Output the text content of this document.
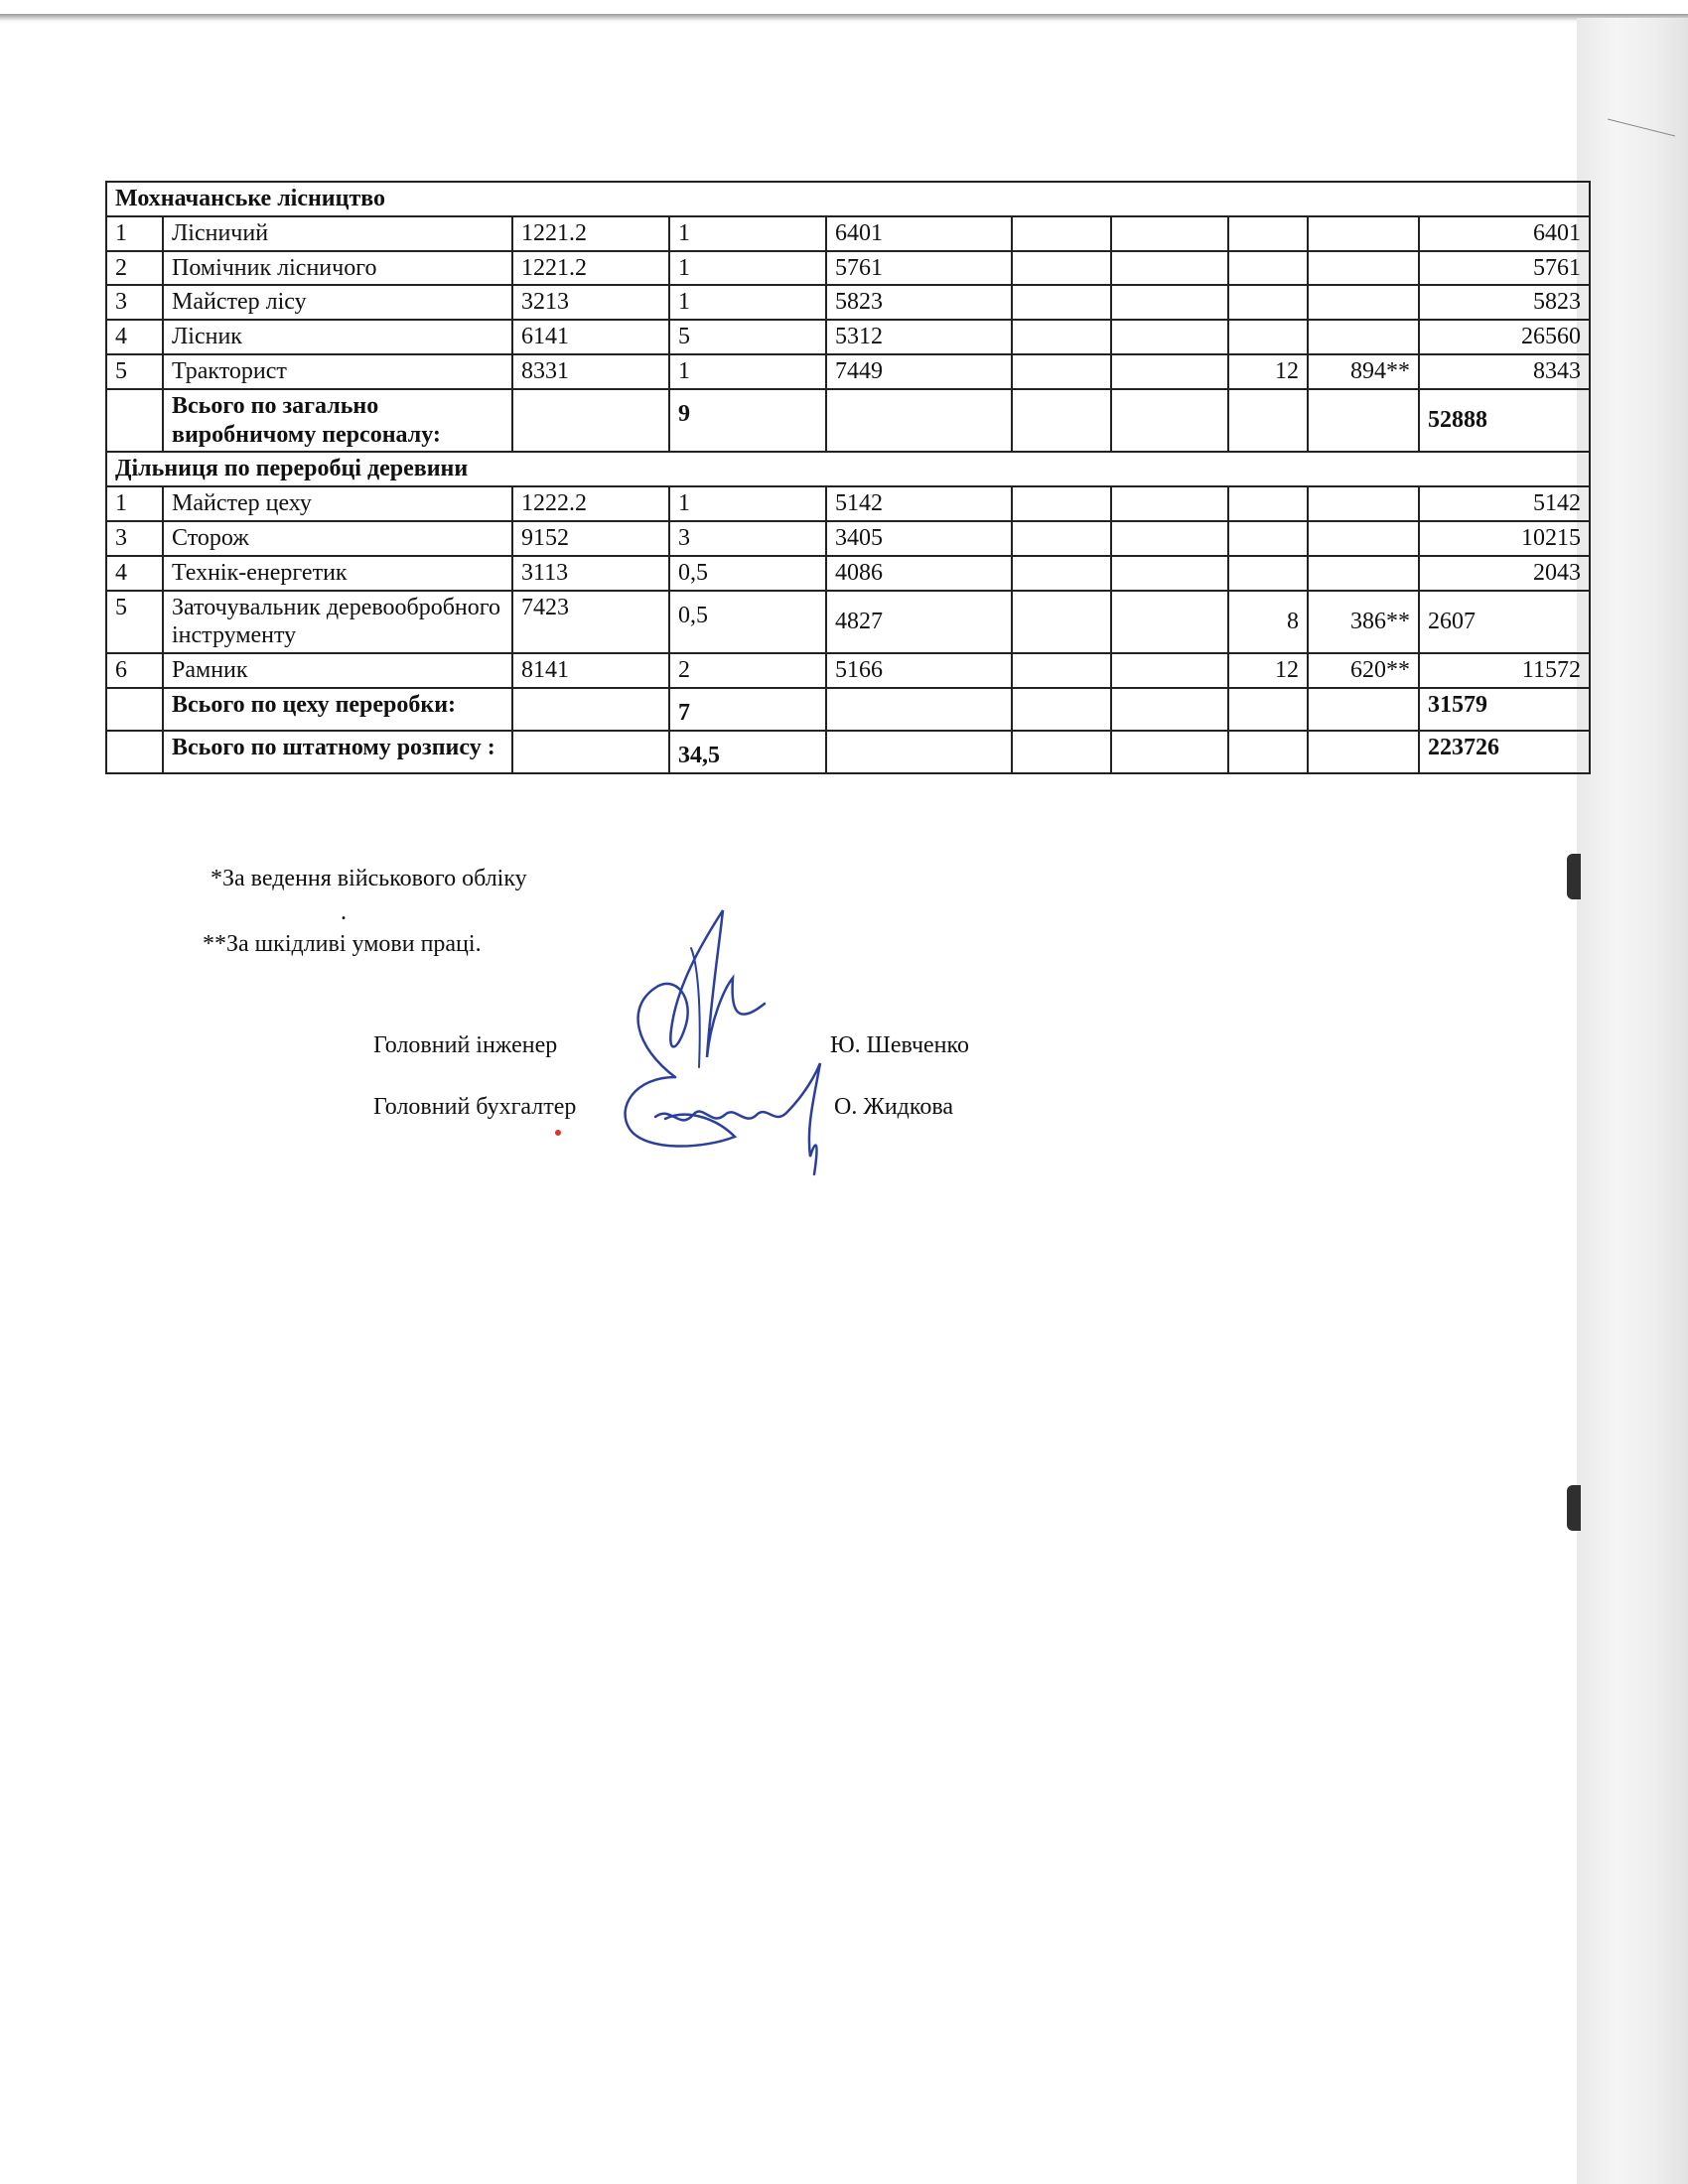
Мохначанське лісництво									
1	Лісничий	1221.2	1	6401					6401
2	Помічник лісничого	1221.2	1	5761					5761
3	Майстер лісу	3213	1	5823					5823
4	Лісник	6141	5	5312					26560
5	Тракторист	8331	1	7449			12	894**	8343
	Всього по загально виробничому персоналу:		9						52888
Дільниця по переробці деревини									
1	Майстер цеху	1222.2	1	5142					5142
3	Сторож	9152	3	3405					10215
4	Технік-енергетик	3113	0,5	4086					2043
5	Заточувальник деревообробного інструменту	7423	0,5	4827			8	386**	2607
6	Рамник	8141	2	5166			12	620**	11572
	Всього по цеху переробки:		7						31579
	Всього по штатному розпису :		34,5						223726
*За ведення військового обліку
.
**За шкідливі умови праці.
Головний інженер	Ю. Шевченко
Головний бухгалтер	О. Жидкова
